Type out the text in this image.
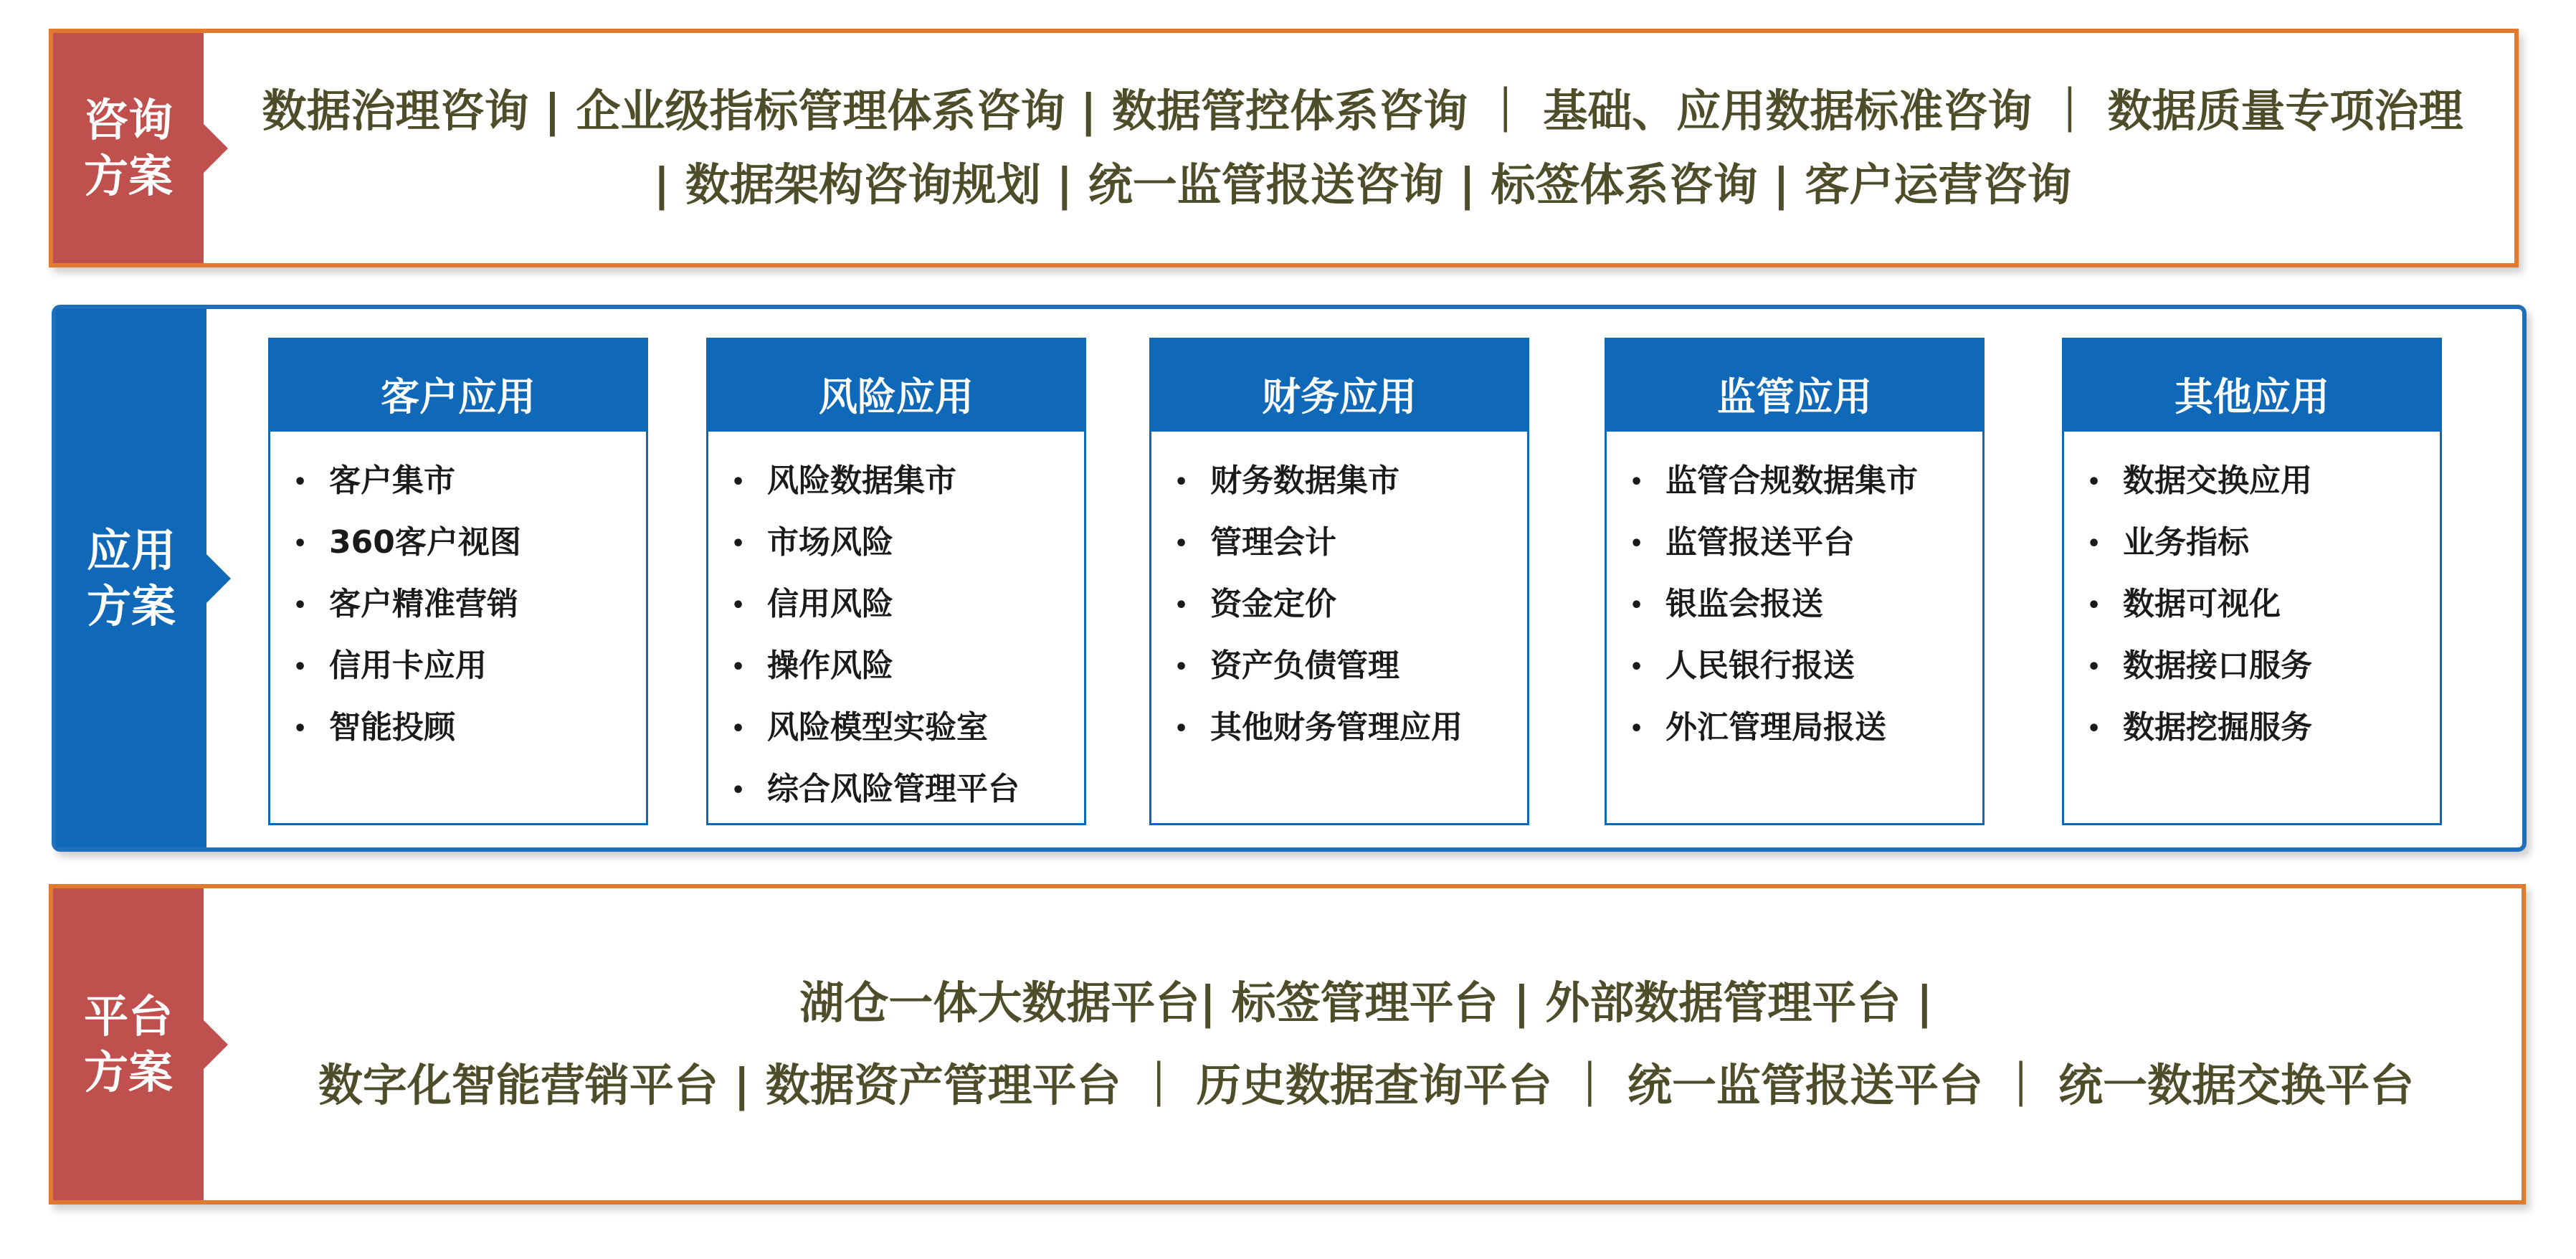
咨询方案
数据治理咨询 | 企业级指标管理体系咨询 | 数据管控体系咨询 ｜ 基础、应用数据标准咨询 ｜ 数据质量专项治理
| 数据架构咨询规划 | 统一监管报送咨询 | 标签体系咨询 | 客户运营咨询
应用方案
客户应用
• 客户集市
• 360客户视图
• 客户精准营销
• 信用卡应用
• 智能投顾
风险应用
• 风险数据集市
• 市场风险
• 信用风险
• 操作风险
• 风险模型实验室
• 综合风险管理平台
财务应用
• 财务数据集市
• 管理会计
• 资金定价
• 资产负债管理
• 其他财务管理应用
监管应用
• 监管合规数据集市
• 监管报送平台
• 银监会报送
• 人民银行报送
• 外汇管理局报送
其他应用
• 数据交换应用
• 业务指标
• 数据可视化
• 数据接口服务
• 数据挖掘服务
平台方案
湖仓一体大数据平台| 标签管理平台 | 外部数据管理平台 |
数字化智能营销平台 | 数据资产管理平台 ｜ 历史数据查询平台 ｜ 统一监管报送平台 ｜ 统一数据交换平台
